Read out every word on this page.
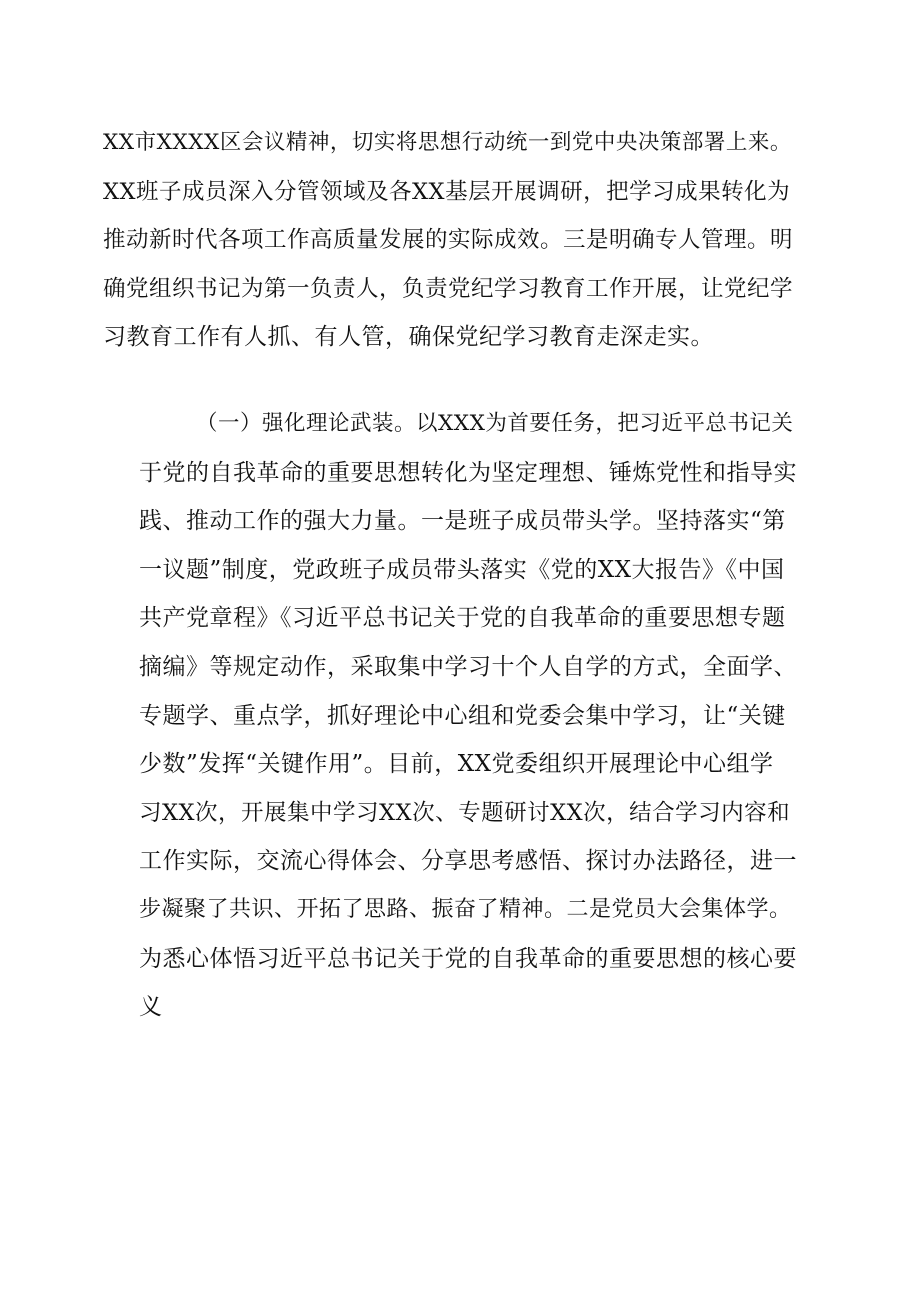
XX市XXXX区会议精神，切实将思想行动统一到党中央决策部署上来。
XX班子成员深入分管领域及各XX基层开展调研，把学习成果转化为
推动新时代各项工作高质量发展的实际成效。三是明确专人管理。明
确党组织书记为第一负责人，负责党纪学习教育工作开展，让党纪学
习教育工作有人抓、有人管，确保党纪学习教育走深走实。

（一）强化理论武装。以XXX为首要任务，把习近平总书记关
于党的自我革命的重要思想转化为坚定理想、锤炼党性和指导实
践、推动工作的强大力量。一是班子成员带头学。坚持落实“第
一议题”制度，党政班子成员带头落实《党的XX大报告》《中国
共产党章程》《习近平总书记关于党的自我革命的重要思想专题
摘编》等规定动作，采取集中学习十个人自学的方式，全面学、
专题学、重点学，抓好理论中心组和党委会集中学习，让“关键
少数”发挥“关键作用”。目前，XX党委组织开展理论中心组学
习XX次，开展集中学习XX次、专题研讨XX次，结合学习内容和
工作实际，交流心得体会、分享思考感悟、探讨办法路径，进一
步凝聚了共识、开拓了思路、振奋了精神。二是党员大会集体学。
为悉心体悟习近平总书记关于党的自我革命的重要思想的核心要
义
